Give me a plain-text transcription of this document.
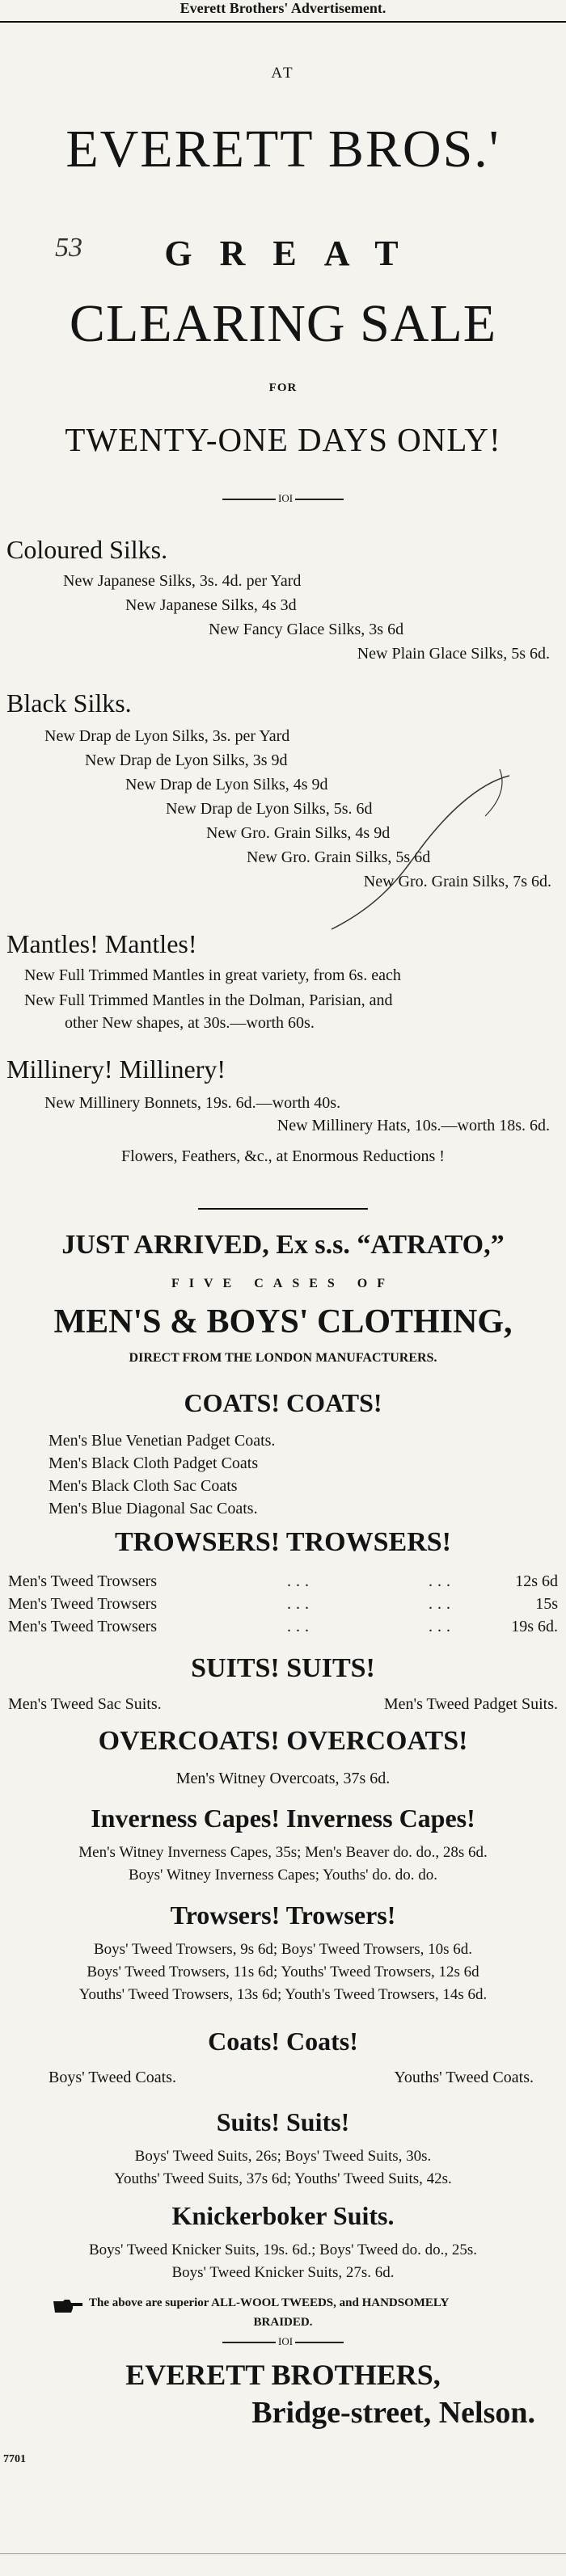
Everett Brothers' Advertisement.
AT
EVERETT BROS.'
53	GREAT
CLEARING SALE
FOR
TWENTY-ONE DAYS ONLY!
IOI
Coloured Silks.
New Japanese Silks, 3s. 4d. per Yard
New Japanese Silks, 4s 3d
New Fancy Glace Silks, 3s 6d
New Plain Glace Silks, 5s 6d.
Black Silks.
New Drap de Lyon Silks, 3s. per Yard
New Drap de Lyon Silks, 3s 9d
New Drap de Lyon Silks, 4s 9d
New Drap de Lyon Silks, 5s. 6d
New Gro. Grain Silks, 4s 9d
New Gro. Grain Silks, 5s 6d
New Gro. Grain Silks, 7s 6d.
Mantles! Mantles!
New Full Trimmed Mantles in great variety, from 6s. each
New Full Trimmed Mantles in the Dolman, Parisian, and
other New shapes, at 30s.—worth 60s.
Millinery! Millinery!
New Millinery Bonnets, 19s. 6d.—worth 40s.
New Millinery Hats, 10s.—worth 18s. 6d.
Flowers, Feathers, &c., at Enormous Reductions !
JUST ARRIVED, Ex s.s. “ATRATO,”
FIVE CASES OF
MEN'S & BOYS' CLOTHING,
DIRECT FROM THE LONDON MANUFACTURERS.
COATS! COATS!
Men's Blue Venetian Padget Coats.
Men's Black Cloth Padget Coats
Men's Black Cloth Sac Coats
Men's Blue Diagonal Sac Coats.
TROWSERS! TROWSERS!
Men's Tweed Trowsers	...	...	12s 6d
Men's Tweed Trowsers	...	...	15s
Men's Tweed Trowsers	...	...	19s 6d.
SUITS! SUITS!
Men's Tweed Sac Suits.	Men's Tweed Padget Suits.
OVERCOATS! OVERCOATS!
Men's Witney Overcoats, 37s 6d.
Inverness Capes! Inverness Capes!
Men's Witney Inverness Capes, 35s; Men's Beaver do. do., 28s 6d.
Boys' Witney Inverness Capes; Youths' do. do. do.
Trowsers! Trowsers!
Boys' Tweed Trowsers, 9s 6d; Boys' Tweed Trowsers, 10s 6d.
Boys' Tweed Trowsers, 11s 6d; Youths' Tweed Trowsers, 12s 6d
Youths' Tweed Trowsers, 13s 6d; Youth's Tweed Trowsers, 14s 6d.
Coats! Coats!
Boys' Tweed Coats.	Youths' Tweed Coats.
Suits! Suits!
Boys' Tweed Suits, 26s; Boys' Tweed Suits, 30s.
Youths' Tweed Suits, 37s 6d; Youths' Tweed Suits, 42s.
Knickerboker Suits.
Boys' Tweed Knicker Suits, 19s. 6d.; Boys' Tweed do. do., 25s.
Boys' Tweed Knicker Suits, 27s. 6d.
The above are superior ALL-WOOL TWEEDS, and HANDSOMELY
BRAIDED.
IOI
EVERETT BROTHERS,
Bridge-street, Nelson.
7701
